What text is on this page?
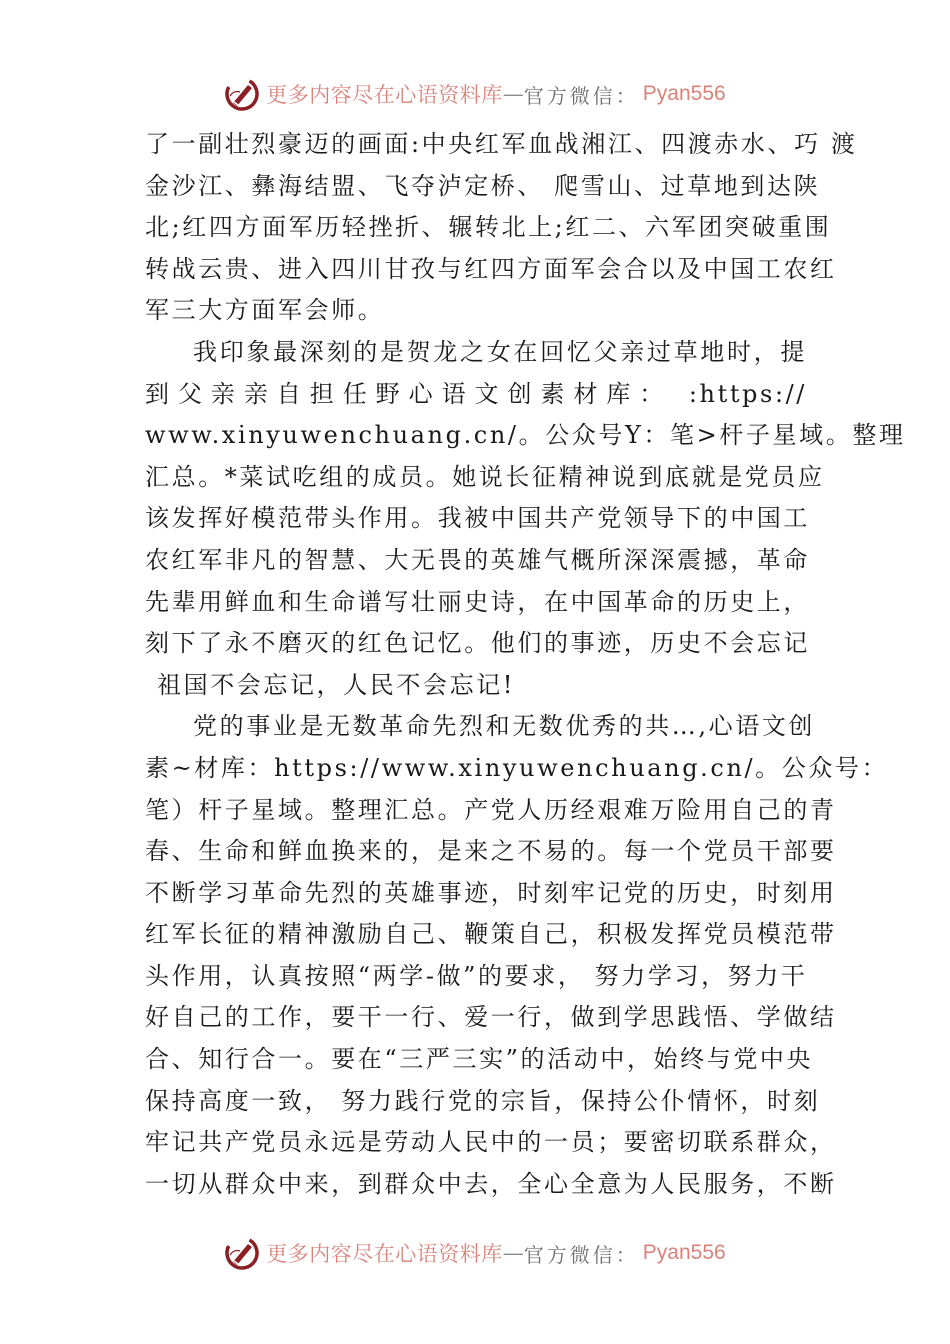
更多内容尽在心语资料库 — 官方微信： Pyan556
了一副壮烈豪迈的画面:中央红军血战湘江、四渡赤水、巧 渡
金沙江、彝海结盟、飞夺泸定桥、 爬雪山、过草地到达陕
北;红四方面军历轻挫折、辗转北上;红二、六军团突破重围
转战云贵、进入四川甘孜与红四方面军会合以及中国工农红
军三大方面军会师。
我印象最深刻的是贺龙之女在回忆父亲过草地时，提
到父亲亲自担任野心语文创素材库： :https://
www.xinyuwenchuang.cn/。公众号Y：笔>杆子星域。整理
汇总。*菜试吃组的成员。她说长征精神说到底就是党员应
该发挥好模范带头作用。我被中国共产党领导下的中国工
农红军非凡的智慧、大无畏的英雄气概所深深震撼，革命
先辈用鲜血和生命谱写壮丽史诗，在中国革命的历史上，
刻下了永不磨灭的红色记忆。他们的事迹，历史不会忘记
祖国不会忘记，人民不会忘记!
党的事业是无数革命先烈和无数优秀的共…,心语文创
素~材库：https://www.xinyuwenchuang.cn/。公众号：
笔）杆子星域。整理汇总。产党人历经艰难万险用自己的青
春、生命和鲜血换来的，是来之不易的。每一个党员干部要
不断学习革命先烈的英雄事迹，时刻牢记党的历史，时刻用
红军长征的精神激励自己、鞭策自己，积极发挥党员模范带
头作用，认真按照“两学-做”的要求， 努力学习，努力干
好自己的工作，要干一行、爱一行，做到学思践悟、学做结
合、知行合一。要在“三严三实”的活动中，始终与党中央
保持高度一致， 努力践行党的宗旨，保持公仆情怀，时刻
牢记共产党员永远是劳动人民中的一员；要密切联系群众，
一切从群众中来，到群众中去，全心全意为人民服务，不断
更多内容尽在心语资料库 — 官方微信： Pyan556
